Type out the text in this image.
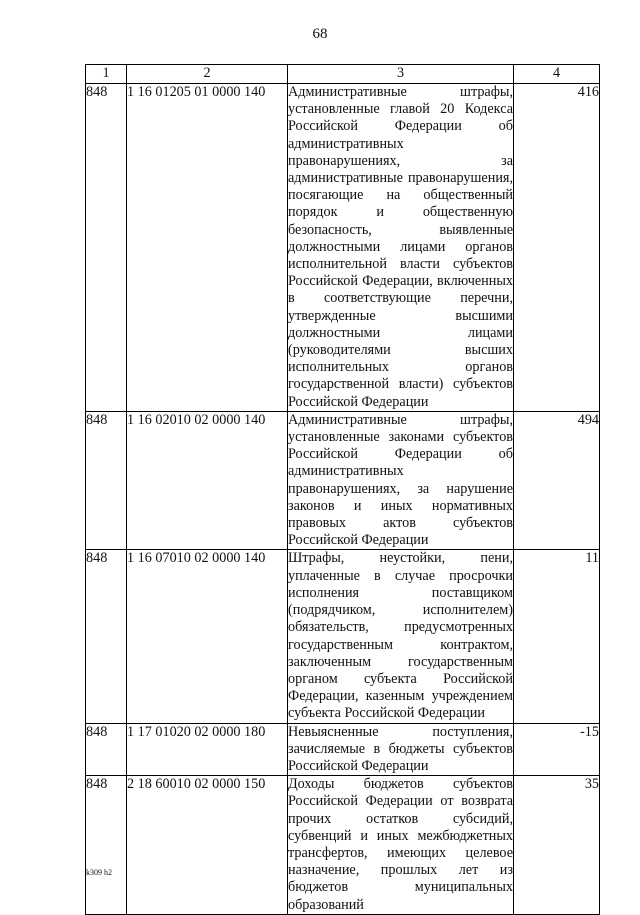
68
1	2	3	4
848	1 16 01205 01 0000 140	Административные штрафы, установленные главой 20 Кодекса Российской Федерации об административных правонарушениях, за административные правонарушения, посягающие на общественный порядок и общественную безопасность, выявленные должностными лицами органов исполнительной власти субъектов Российской Федерации, включенных в соответствующие перечни, утвержденные высшими должностными лицами (руководителями высших исполнительных органов государственной власти) субъектов Российской Федерации	416
848	1 16 02010 02 0000 140	Административные штрафы, установленные законами субъектов Российской Федерации об административных правонарушениях, за нарушение законов и иных нормативных правовых актов субъектов Российской Федерации	494
848	1 16 07010 02 0000 140	Штрафы, неустойки, пени, уплаченные в случае просрочки исполнения поставщиком (подрядчиком, исполнителем) обязательств, предусмотренных государственным контрактом, заключенным государственным органом субъекта Российской Федерации, казенным учреждением субъекта Российской Федерации	11
848	1 17 01020 02 0000 180	Невыясненные поступления, зачисляемые в бюджеты субъектов Российской Федерации	-15
848	2 18 60010 02 0000 150	Доходы бюджетов субъектов Российской Федерации от возврата прочих остатков субсидий, субвенций и иных межбюджетных трансфертов, имеющих целевое назначение, прошлых лет из бюджетов муниципальных образований	35
k309 h2
